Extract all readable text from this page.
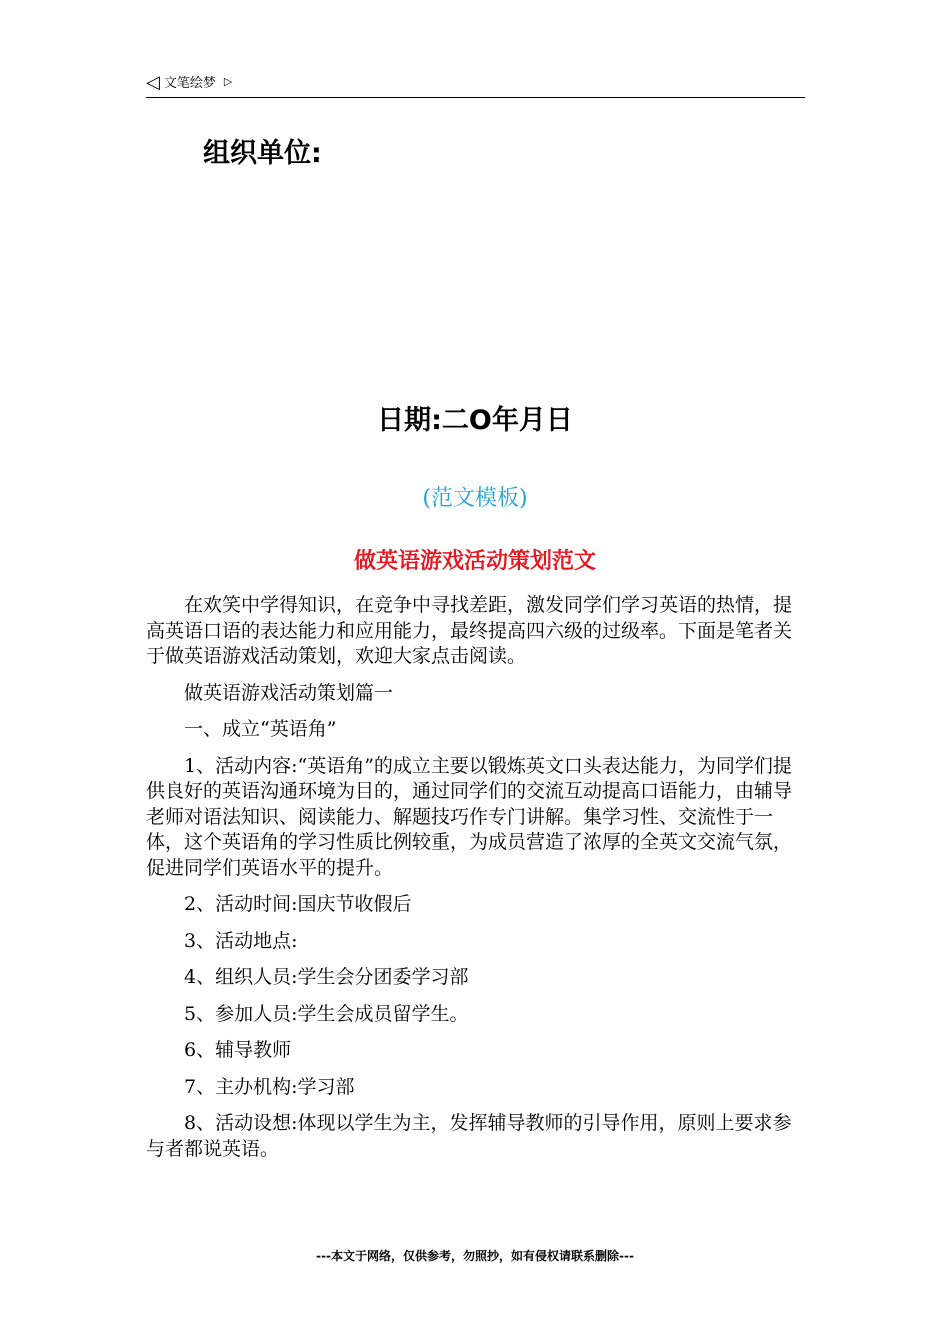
◁ 文笔绘梦 ▷
组织单位:
日期:二O年月日
(范文模板)
做英语游戏活动策划范文

在欢笑中学得知识，在竞争中寻找差距，激发同学们学习英语的热情，提高英语口语的表达能力和应用能力，最终提高四六级的过级率。下面是笔者关于做英语游戏活动策划，欢迎大家点击阅读。

做英语游戏活动策划篇一

一、成立“英语角”

1、活动内容:“英语角”的成立主要以锻炼英文口头表达能力，为同学们提供良好的英语沟通环境为目的，通过同学们的交流互动提高口语能力，由辅导老师对语法知识、阅读能力、解题技巧作专门讲解。集学习性、交流性于一体，这个英语角的学习性质比例较重，为成员营造了浓厚的全英文交流气氛，促进同学们英语水平的提升。

2、活动时间:国庆节收假后

3、活动地点:

4、组织人员:学生会分团委学习部

5、参加人员:学生会成员留学生。

6、辅导教师

7、主办机构:学习部

8、活动设想:体现以学生为主，发挥辅导教师的引导作用，原则上要求参与者都说英语。

---本文于网络，仅供参考，勿照抄，如有侵权请联系删除---
